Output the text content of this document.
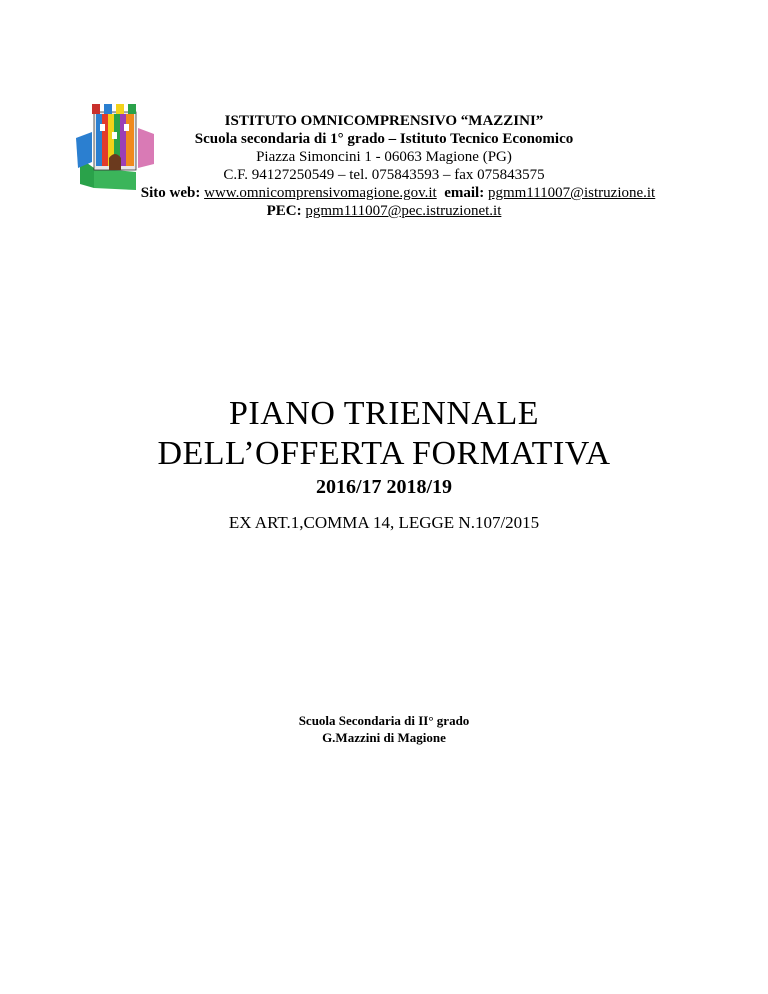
ISTITUTO OMNICOMPRENSIVO “MAZZINI”
Scuola secondaria di 1° grado – Istituto Tecnico Economico
Piazza Simoncini 1 - 06063 Magione (PG)
C.F. 94127250549 – tel. 075843593 – fax 075843575
Sito web: www.omnicomprensivomagione.gov.it email: pgmm111007@istruzione.it
PEC: pgmm111007@pec.istruzionet.it
PIANO TRIENNALE
DELL’OFFERTA FORMATIVA
2016/17 2018/19
EX ART.1,COMMA 14, LEGGE N.107/2015
Scuola Secondaria di II° grado
G.Mazzini di Magione
